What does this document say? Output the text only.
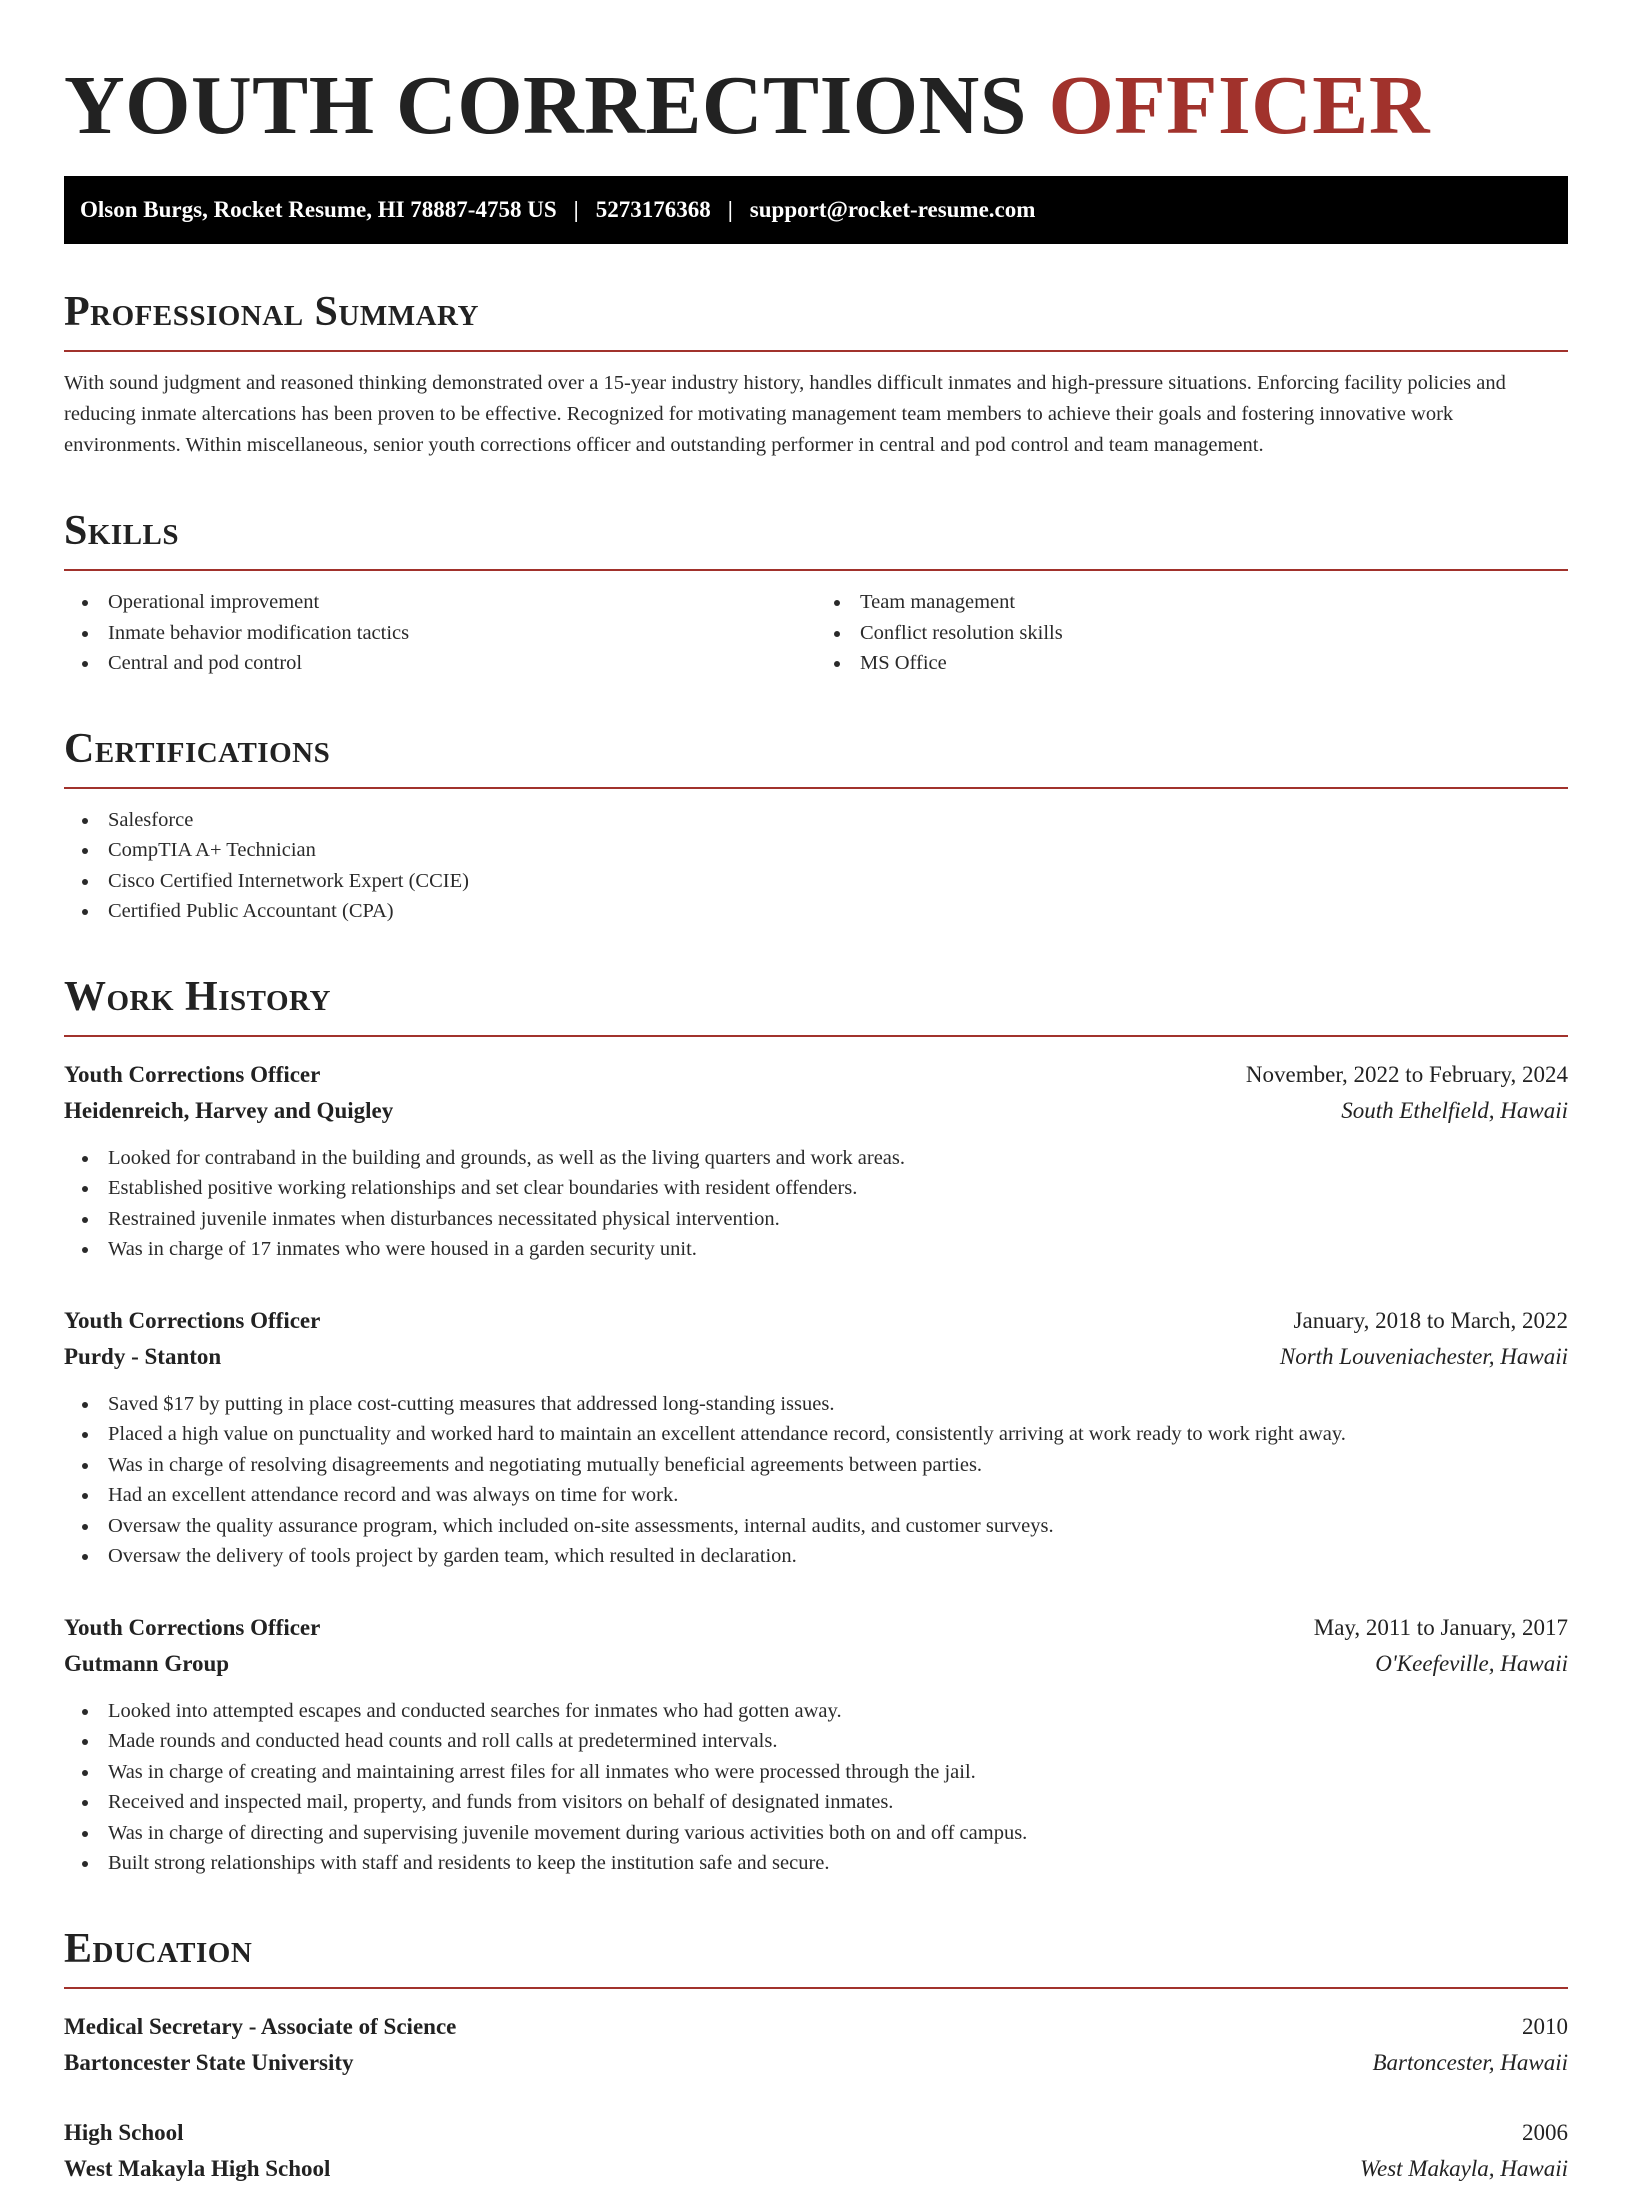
YOUTH CORRECTIONS OFFICER
Olson Burgs, Rocket Resume, HI 78887-4758 US | 5273176368 | support@rocket-resume.com
Professional Summary

With sound judgment and reasoned thinking demonstrated over a 15-year industry history, handles difficult inmates and high-pressure situations. Enforcing facility policies and reducing inmate altercations has been proven to be effective. Recognized for motivating management team members to achieve their goals and fostering innovative work environments. Within miscellaneous, senior youth corrections officer and outstanding performer in central and pod control and team management.

Skills
Operational improvement
Inmate behavior modification tactics
Central and pod control
Team management
Conflict resolution skills
MS Office
Certifications
Salesforce
CompTIA A+ Technician
Cisco Certified Internetwork Expert (CCIE)
Certified Public Accountant (CPA)
Work History
Youth Corrections Officer	November, 2022 to February, 2024
Heidenreich, Harvey and Quigley	South Ethelfield, Hawaii
Looked for contraband in the building and grounds, as well as the living quarters and work areas.
Established positive working relationships and set clear boundaries with resident offenders.
Restrained juvenile inmates when disturbances necessitated physical intervention.
Was in charge of 17 inmates who were housed in a garden security unit.
Youth Corrections Officer	January, 2018 to March, 2022
Purdy - Stanton	North Louveniachester, Hawaii
Saved $17 by putting in place cost-cutting measures that addressed long-standing issues.
Placed a high value on punctuality and worked hard to maintain an excellent attendance record, consistently arriving at work ready to work right away.
Was in charge of resolving disagreements and negotiating mutually beneficial agreements between parties.
Had an excellent attendance record and was always on time for work.
Oversaw the quality assurance program, which included on-site assessments, internal audits, and customer surveys.
Oversaw the delivery of tools project by garden team, which resulted in declaration.
Youth Corrections Officer	May, 2011 to January, 2017
Gutmann Group	O'Keefeville, Hawaii
Looked into attempted escapes and conducted searches for inmates who had gotten away.
Made rounds and conducted head counts and roll calls at predetermined intervals.
Was in charge of creating and maintaining arrest files for all inmates who were processed through the jail.
Received and inspected mail, property, and funds from visitors on behalf of designated inmates.
Was in charge of directing and supervising juvenile movement during various activities both on and off campus.
Built strong relationships with staff and residents to keep the institution safe and secure.
Education
Medical Secretary - Associate of Science	2010
Bartoncester State University	Bartoncester, Hawaii
High School	2006
West Makayla High School	West Makayla, Hawaii
